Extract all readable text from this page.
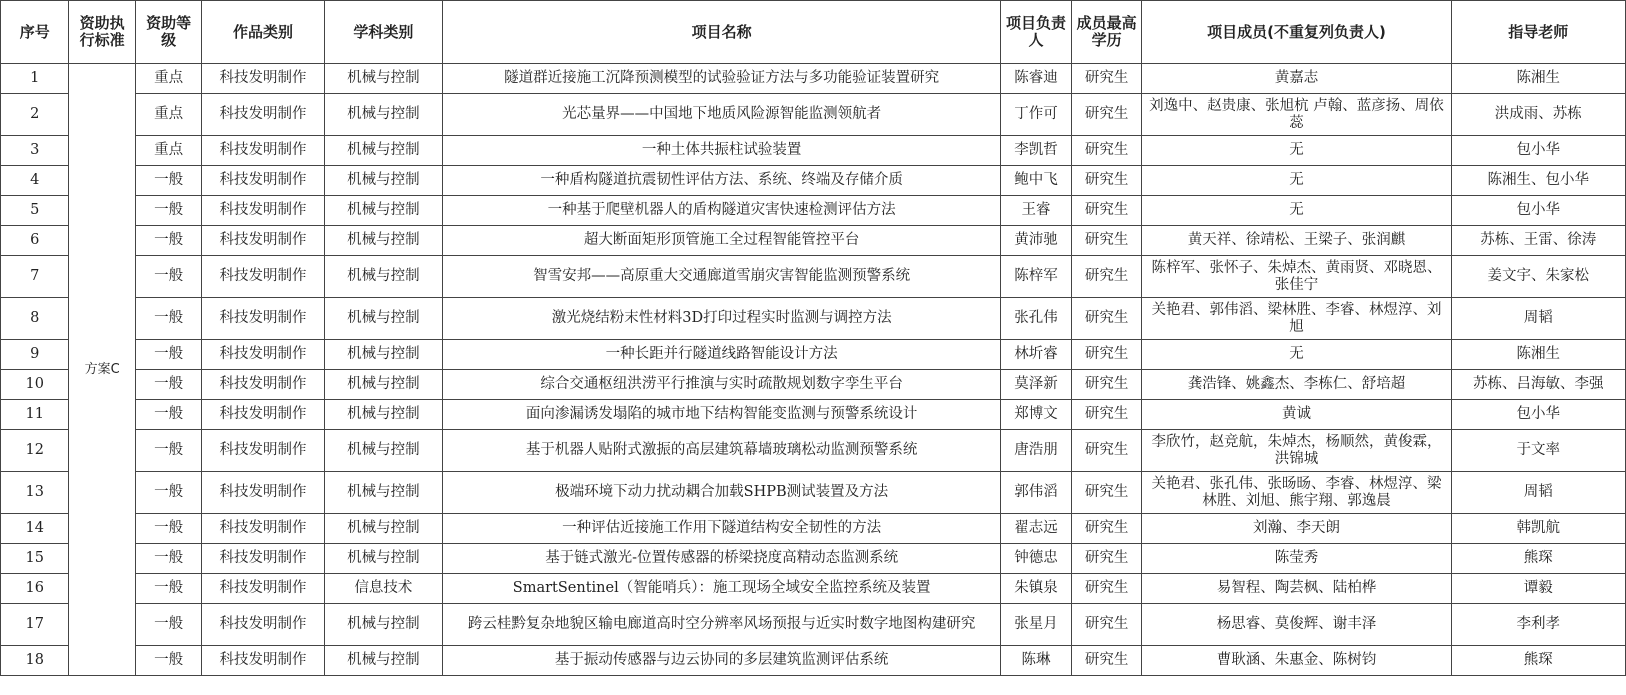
序号	资助执行标准	资助等级	作品类别	学科类别	项目名称	项目负责人	成员最高学历	项目成员(不重复列负责人)	指导老师
1	方案C	重点	科技发明制作	机械与控制	隧道群近接施工沉降预测模型的试验验证方法与多功能验证装置研究	陈睿迪	研究生	黄嘉志	陈湘生
2		重点	科技发明制作	机械与控制	光芯量界——中国地下地质风险源智能监测领航者	丁作可	研究生	刘逸中、赵贵康、张旭杭 卢翰、蓝彦扬、周依蕊	洪成雨、苏栋
3		重点	科技发明制作	机械与控制	一种土体共振柱试验装置	李凯哲	研究生	无	包小华
4		一般	科技发明制作	机械与控制	一种盾构隧道抗震韧性评估方法、系统、终端及存储介质	鲍中飞	研究生	无	陈湘生、包小华
5		一般	科技发明制作	机械与控制	一种基于爬壁机器人的盾构隧道灾害快速检测评估方法	王睿	研究生	无	包小华
6		一般	科技发明制作	机械与控制	超大断面矩形顶管施工全过程智能管控平台	黄沛驰	研究生	黄天祥、徐靖松、王梁子、张润麒	苏栋、王雷、徐涛
7		一般	科技发明制作	机械与控制	智雪安邦——高原重大交通廊道雪崩灾害智能监测预警系统	陈梓军	研究生	陈梓军、张怀子、朱焯杰、黄雨贤、邓晓恩、张佳宁	姜文宇、朱家松
8		一般	科技发明制作	机械与控制	激光烧结粉末性材料3D打印过程实时监测与调控方法	张孔伟	研究生	关艳君、郭伟滔、梁林胜、李睿、林煜淳、刘旭	周韬
9		一般	科技发明制作	机械与控制	一种长距并行隧道线路智能设计方法	林圻睿	研究生	无	陈湘生
10		一般	科技发明制作	机械与控制	综合交通枢纽洪涝平行推演与实时疏散规划数字孪生平台	莫泽新	研究生	龚浩锋、姚鑫杰、李栋仁、舒培超	苏栋、吕海敏、李强
11		一般	科技发明制作	机械与控制	面向渗漏诱发塌陷的城市地下结构智能变监测与预警系统设计	郑博文	研究生	黄诚	包小华
12		一般	科技发明制作	机械与控制	基于机器人贴附式激振的高层建筑幕墙玻璃松动监测预警系统	唐浩朋	研究生	李欣竹，赵竞航，朱焯杰，杨顺然，黄俊霖，洪锦城	于文率
13		一般	科技发明制作	机械与控制	极端环境下动力扰动耦合加载SHPB测试装置及方法	郭伟滔	研究生	关艳君、张孔伟、张旸旸、李睿、林煜淳、梁林胜、刘旭、熊宇翔、郭逸晨	周韬
14		一般	科技发明制作	机械与控制	一种评估近接施工作用下隧道结构安全韧性的方法	翟志远	研究生	刘瀚、李天朗	韩凯航
15		一般	科技发明制作	机械与控制	基于链式激光-位置传感器的桥梁挠度高精动态监测系统	钟德忠	研究生	陈莹秀	熊琛
16		一般	科技发明制作	信息技术	SmartSentinel（智能哨兵）：施工现场全域安全监控系统及装置	朱镇泉	研究生	易智程、陶芸枫、陆柏桦	谭毅
17		一般	科技发明制作	机械与控制	跨云桂黔复杂地貌区输电廊道高时空分辨率风场预报与近实时数字地图构建研究	张星月	研究生	杨思睿、莫俊辉、谢丰泽	李利孝
18		一般	科技发明制作	机械与控制	基于振动传感器与边云协同的多层建筑监测评估系统	陈琳	研究生	曹耿涵、朱惠金、陈树钧	熊琛
